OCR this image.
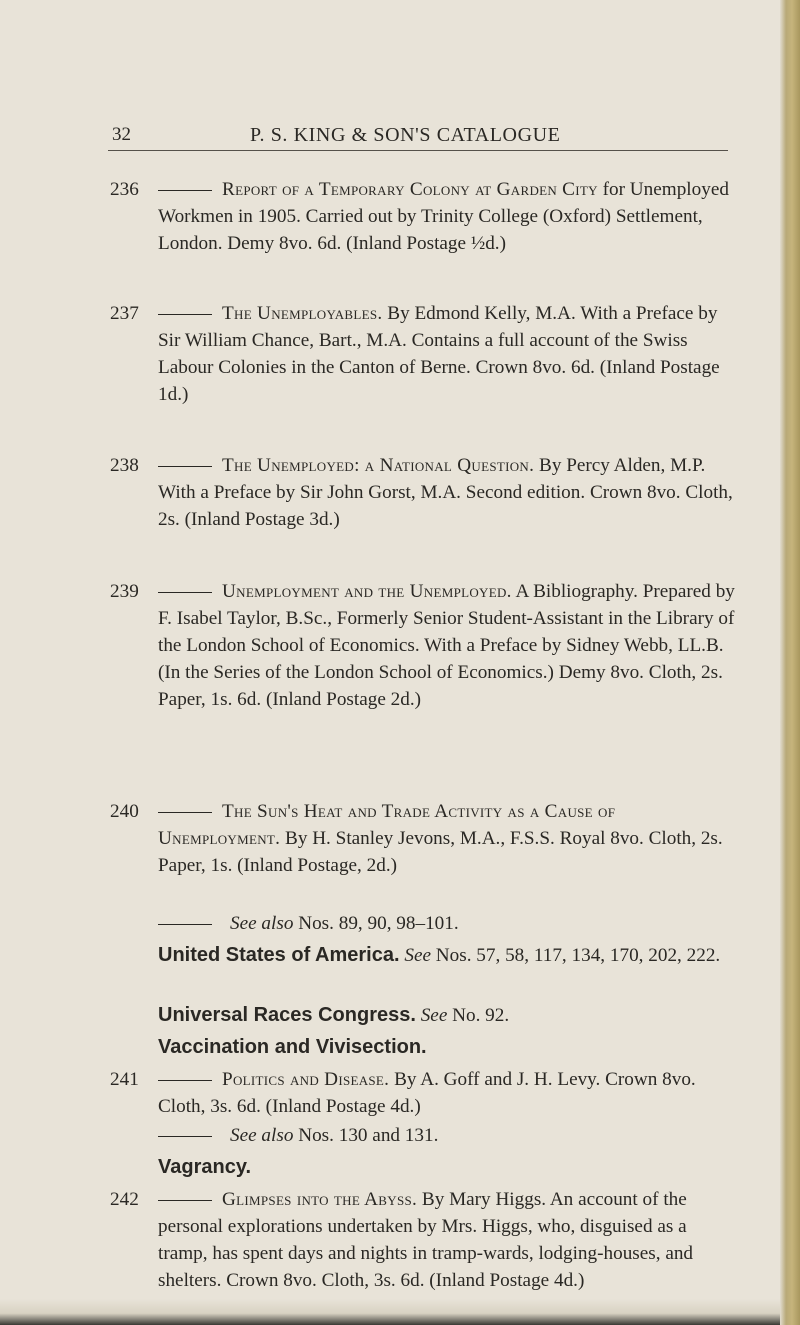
32	P. S. KING & SON'S CATALOGUE
236	Report of a Temporary Colony at Garden City for Unemployed Workmen in 1905. Carried out by Trinity College (Oxford) Settlement, London. Demy 8vo. 6d. (Inland Postage ½d.)

237	The Unemployables. By Edmond Kelly, M.A. With a Preface by Sir William Chance, Bart., M.A. Contains a full account of the Swiss Labour Colonies in the Canton of Berne. Crown 8vo. 6d. (Inland Postage 1d.)

238	The Unemployed: a National Question. By Percy Alden, M.P. With a Preface by Sir John Gorst, M.A. Second edition. Crown 8vo. Cloth, 2s. (Inland Postage 3d.)

239	Unemployment and the Unemployed. A Bibliography. Prepared by F. Isabel Taylor, B.Sc., Formerly Senior Student-Assistant in the Library of the London School of Economics. With a Preface by Sidney Webb, LL.B. (In the Series of the London School of Economics.) Demy 8vo. Cloth, 2s. Paper, 1s. 6d. (Inland Postage 2d.)

240	The Sun's Heat and Trade Activity as a Cause of Unemployment. By H. Stanley Jevons, M.A., F.S.S. Royal 8vo. Cloth, 2s. Paper, 1s. (Inland Postage, 2d.)

See also Nos. 89, 90, 98–101.

United States of America. See Nos. 57, 58, 117, 134, 170, 202, 222.

Universal Races Congress. See No. 92.

Vaccination and Vivisection.

241	Politics and Disease. By A. Goff and J. H. Levy. Crown 8vo. Cloth, 3s. 6d. (Inland Postage 4d.)

See also Nos. 130 and 131.

Vagrancy.

242	Glimpses into the Abyss. By Mary Higgs. An account of the personal explorations undertaken by Mrs. Higgs, who, disguised as a tramp, has spent days and nights in tramp-wards, lodging-houses, and shelters. Crown 8vo. Cloth, 3s. 6d. (Inland Postage 4d.)
